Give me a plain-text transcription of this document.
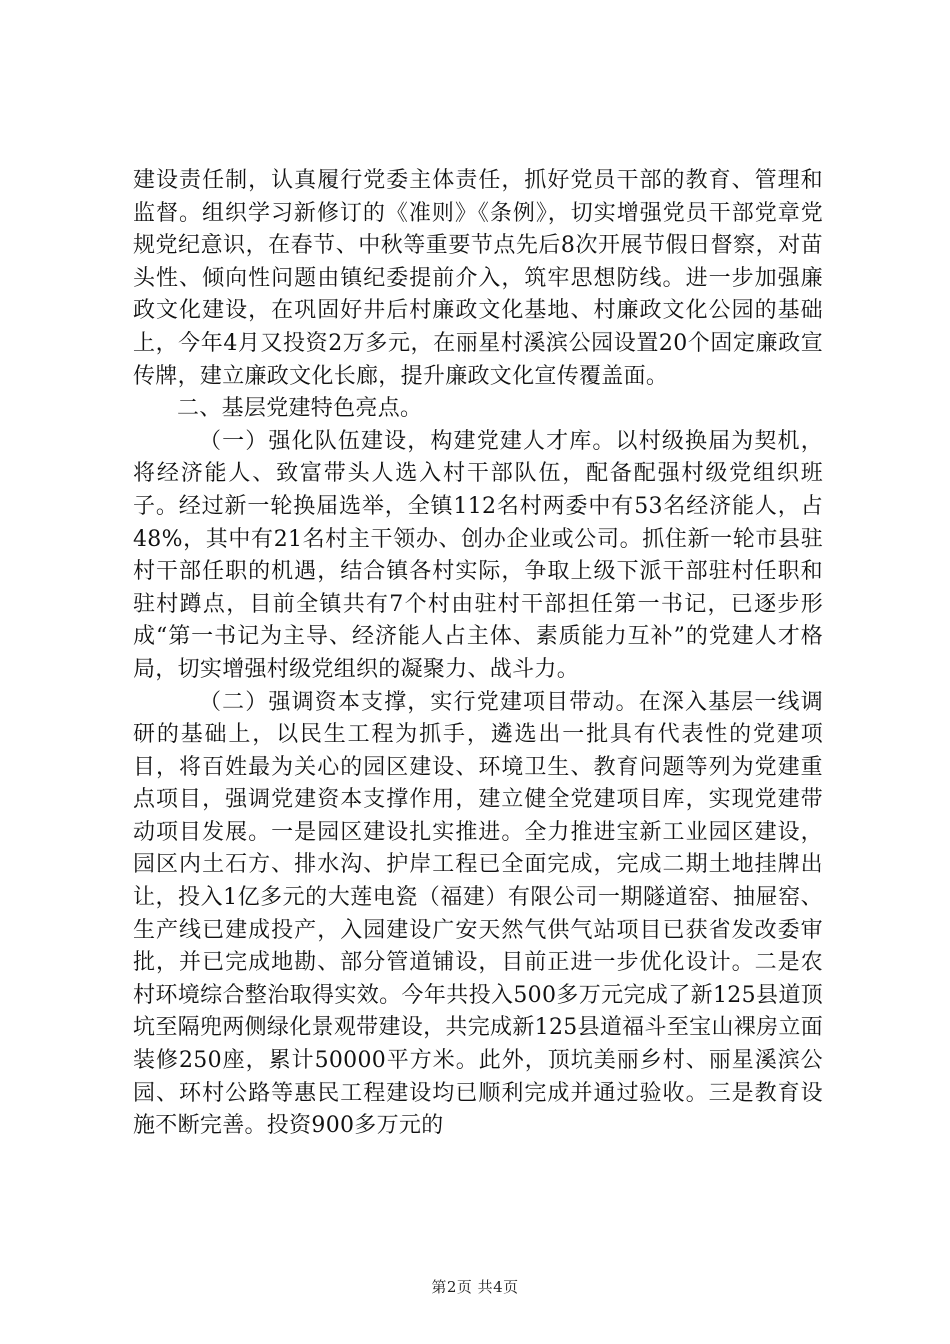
建设责任制，认真履行党委主体责任，抓好党员干部的教育、管理和监督。组织学习新修订的《准则》《条例》，切实增强党员干部党章党规党纪意识，在春节、中秋等重要节点先后8次开展节假日督察，对苗头性、倾向性问题由镇纪委提前介入，筑牢思想防线。进一步加强廉政文化建设，在巩固好井后村廉政文化基地、村廉政文化公园的基础上，今年4月又投资2万多元，在丽星村溪滨公园设置20个固定廉政宣传牌，建立廉政文化长廊，提升廉政文化宣传覆盖面。

二、基层党建特色亮点。

（一）强化队伍建设，构建党建人才库。以村级换届为契机，将经济能人、致富带头人选入村干部队伍，配备配强村级党组织班子。经过新一轮换届选举，全镇112名村两委中有53名经济能人，占48%，其中有21名村主干领办、创办企业或公司。抓住新一轮市县驻村干部任职的机遇，结合镇各村实际，争取上级下派干部驻村任职和驻村蹲点，目前全镇共有7个村由驻村干部担任第一书记，已逐步形成“第一书记为主导、经济能人占主体、素质能力互补”的党建人才格局，切实增强村级党组织的凝聚力、战斗力。

（二）强调资本支撑，实行党建项目带动。在深入基层一线调研的基础上，以民生工程为抓手，遴选出一批具有代表性的党建项目，将百姓最为关心的园区建设、环境卫生、教育问题等列为党建重点项目，强调党建资本支撑作用，建立健全党建项目库，实现党建带动项目发展。一是园区建设扎实推进。全力推进宝新工业园区建设，园区内土石方、排水沟、护岸工程已全面完成，完成二期土地挂牌出让，投入1亿多元的大莲电瓷（福建）有限公司一期隧道窑、抽屉窑、生产线已建成投产，入园建设广安天然气供气站项目已获省发改委审批，并已完成地勘、部分管道铺设，目前正进一步优化设计。二是农村环境综合整治取得实效。今年共投入500多万元完成了新125县道顶坑至隔兜两侧绿化景观带建设，共完成新125县道福斗至宝山裸房立面装修250座，累计50000平方米。此外，顶坑美丽乡村、丽星溪滨公园、环村公路等惠民工程建设均已顺利完成并通过验收。三是教育设施不断完善。投资900多万元的

第2页 共4页
